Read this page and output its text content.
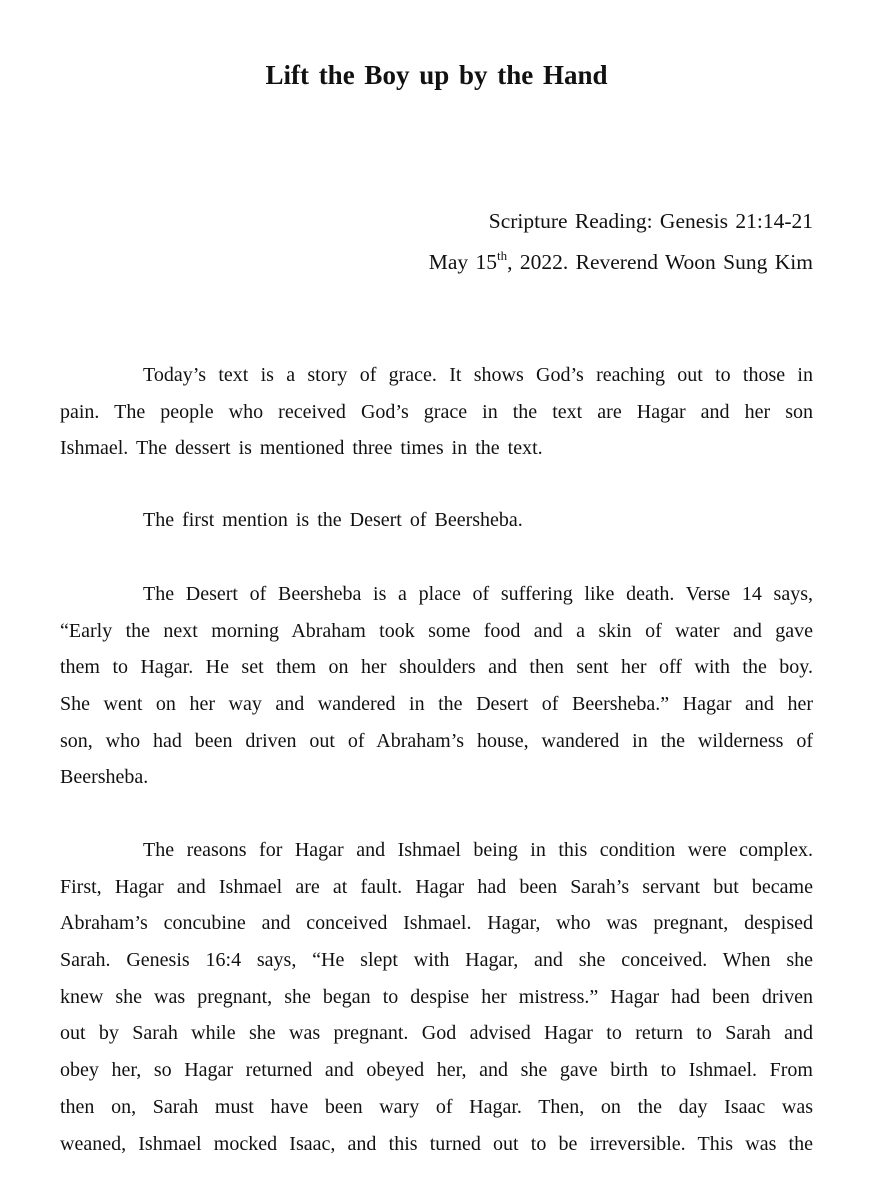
Lift the Boy up by the Hand
Scripture Reading: Genesis 21:14-21
May 15th, 2022. Reverend Woon Sung Kim
Today’s text is a story of grace. It shows God’s reaching out to those in
pain. The people who received God’s grace in the text are Hagar and her son
Ishmael. The dessert is mentioned three times in the text.
The first mention is the Desert of Beersheba.
The Desert of Beersheba is a place of suffering like death. Verse 14 says,
“Early the next morning Abraham took some food and a skin of water and gave
them to Hagar. He set them on her shoulders and then sent her off with the boy.
She went on her way and wandered in the Desert of Beersheba.” Hagar and her
son, who had been driven out of Abraham’s house, wandered in the wilderness of
Beersheba.
The reasons for Hagar and Ishmael being in this condition were complex.
First, Hagar and Ishmael are at fault. Hagar had been Sarah’s servant but became
Abraham’s concubine and conceived Ishmael. Hagar, who was pregnant, despised
Sarah. Genesis 16:4 says, “He slept with Hagar, and she conceived. When she
knew she was pregnant, she began to despise her mistress.” Hagar had been driven
out by Sarah while she was pregnant. God advised Hagar to return to Sarah and
obey her, so Hagar returned and obeyed her, and she gave birth to Ishmael. From
then on, Sarah must have been wary of Hagar. Then, on the day Isaac was
weaned, Ishmael mocked Isaac, and this turned out to be irreversible. This was the
